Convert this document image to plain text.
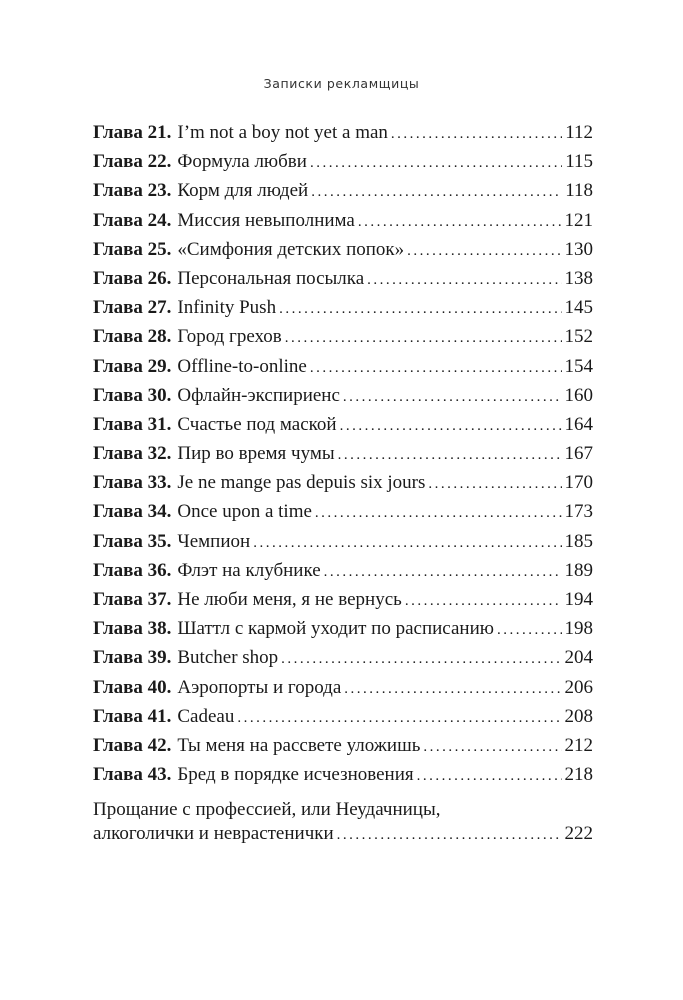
Записки рекламщицы
Глава 21. I’m not a boy not yet a man .....	112
Глава 22. Формула любви .....	115
Глава 23. Корм для людей .....	118
Глава 24. Миссия невыполнима .....	121
Глава 25. «Симфония детских попок» .....	130
Глава 26. Персональная посылка .....	138
Глава 27. Infinity Push .....	145
Глава 28. Город грехов .....	152
Глава 29. Offline-to-online .....	154
Глава 30. Офлайн-экспириенс .....	160
Глава 31. Счастье под маской .....	164
Глава 32. Пир во время чумы .....	167
Глава 33. Je ne mange pas depuis six jours .....	170
Глава 34. Once upon a time .....	173
Глава 35. Чемпион .....	185
Глава 36. Флэт на клубнике .....	189
Глава 37. Не люби меня, я не вернусь .....	194
Глава 38. Шаттл с кармой уходит по расписанию .....	198
Глава 39. Butcher shop .....	204
Глава 40. Аэропорты и города .....	206
Глава 41. Cadeau .....	208
Глава 42. Ты меня на рассвете уложишь .....	212
Глава 43. Бред в порядке исчезновения .....	218
Прощание с профессией, или Неудачницы,
алкоголички и неврастенички .....	222
